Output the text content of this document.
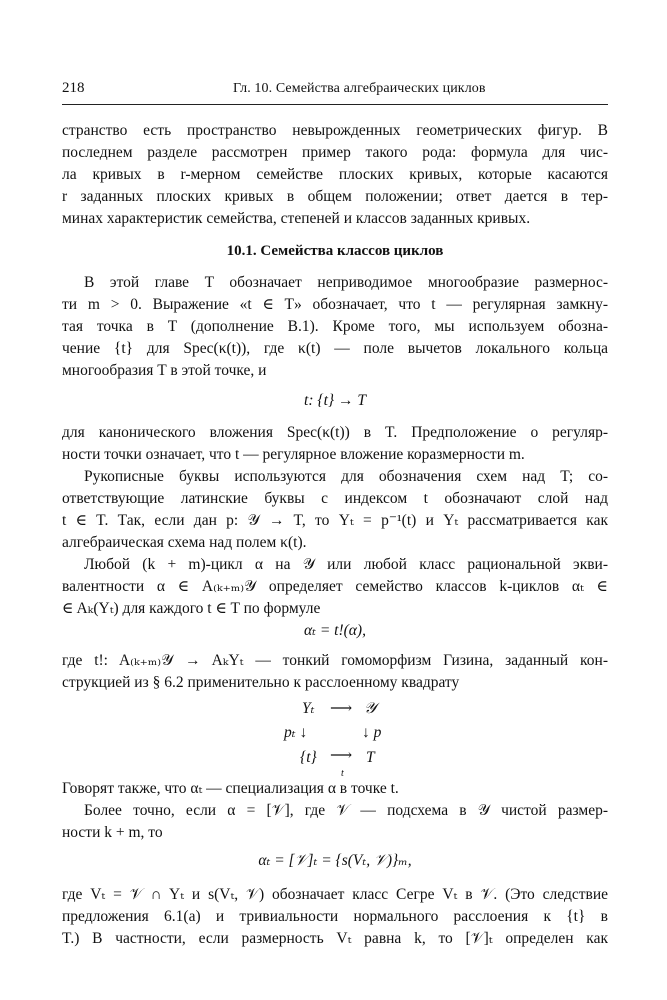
218	Гл. 10. Семейства алгебраических циклов
странство есть пространство невырожденных геометрических фигур. В
последнем разделе рассмотрен пример такого рода: формула для чис-
ла кривых в r-мерном семействе плоских кривых, которые касаются
r заданных плоских кривых в общем положении; ответ дается в тер-
минах характеристик семейства, степеней и классов заданных кривых.
10.1. Семейства классов циклов
В этой главе T обозначает неприводимое многообразие размернос-
ти m > 0. Выражение «t ∈ T» обозначает, что t — регулярная замкну-
тая точка в T (дополнение B.1). Кроме того, мы используем обозна-
чение {t} для Spec(κ(t)), где κ(t) — поле вычетов локального кольца
многообразия T в этой точке, и
t: {t} → T
для канонического вложения Spec(κ(t)) в T. Предположение о регуляр-
ности точки означает, что t — регулярное вложение коразмерности m.
Рукописные буквы используются для обозначения схем над T; со-
ответствующие латинские буквы с индексом t обозначают слой над
t ∈ T. Так, если дан p: 𝒴 → T, то Yₜ = p⁻¹(t) и Yₜ рассматривается как
алгебраическая схема над полем κ(t).
Любой (k + m)-цикл α на 𝒴 или любой класс рациональной экви-
валентности α ∈ A₍ₖ₊ₘ₎𝒴 определяет семейство классов k-циклов αₜ ∈
∈ Aₖ(Yₜ) для каждого t ∈ T по формуле
αₜ = t!(α),
где t!: A₍ₖ₊ₘ₎𝒴 → AₖYₜ — тонкий гомоморфизм Гизина, заданный кон-
струкцией из § 6.2 применительно к расслоенному квадрату
Yₜ ⟶ 𝒴
pₜ ↓	↓ p
{t} ⟶ T
t
Говорят также, что αₜ — специализация α в точке t.
Более точно, если α = [𝒱], где 𝒱 — подсхема в 𝒴 чистой размер-
ности k + m, то
αₜ = [𝒱]ₜ = {s(Vₜ, 𝒱)}ₘ,
где Vₜ = 𝒱 ∩ Yₜ и s(Vₜ, 𝒱) обозначает класс Сегре Vₜ в 𝒱. (Это следствие
предложения 6.1(a) и тривиальности нормального расслоения к {t} в
T.) В частности, если размерность Vₜ равна k, то [𝒱]ₜ определен как
